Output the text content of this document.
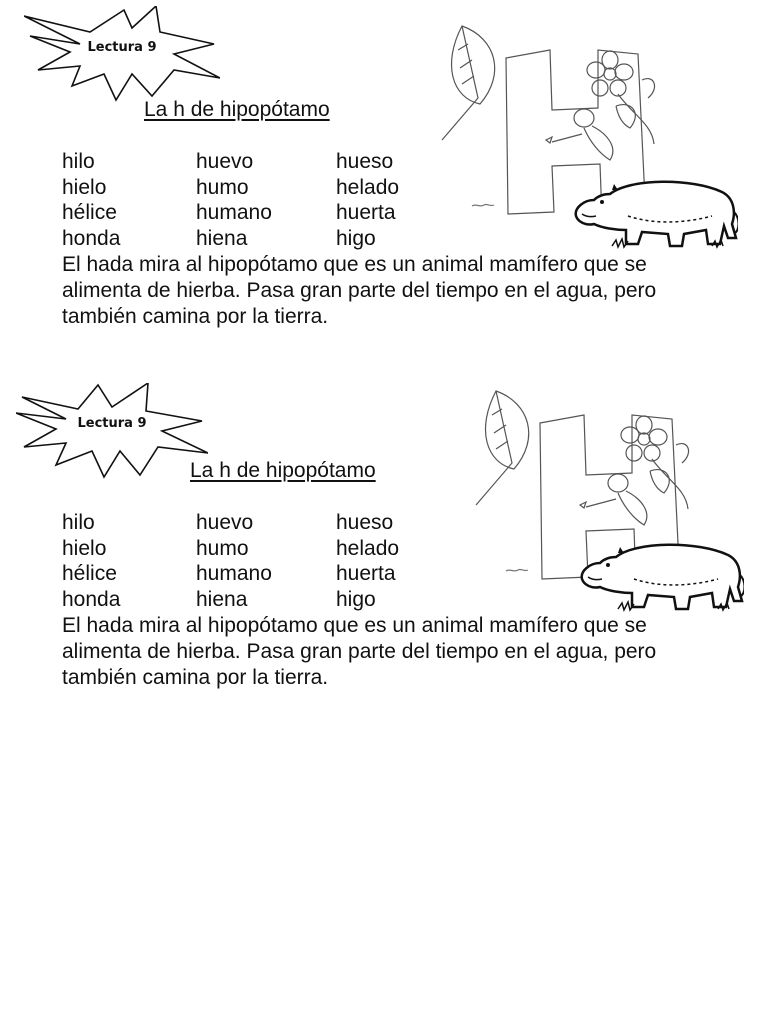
Lectura 9
La h de hipopótamo
hilo	huevo	hueso
hielo	humo	helado
hélice	humano	huerta
honda	hiena	higo
El hada mira al hipopótamo que es un animal mamífero que se alimenta de hierba. Pasa gran parte del tiempo en el agua, pero también camina por la tierra.
Lectura 9
La h de hipopótamo
hilo	huevo	hueso
hielo	humo	helado
hélice	humano	huerta
honda	hiena	higo
El hada mira al hipopótamo que es un animal mamífero que se alimenta de hierba. Pasa gran parte del tiempo en el agua, pero también camina por la tierra.
